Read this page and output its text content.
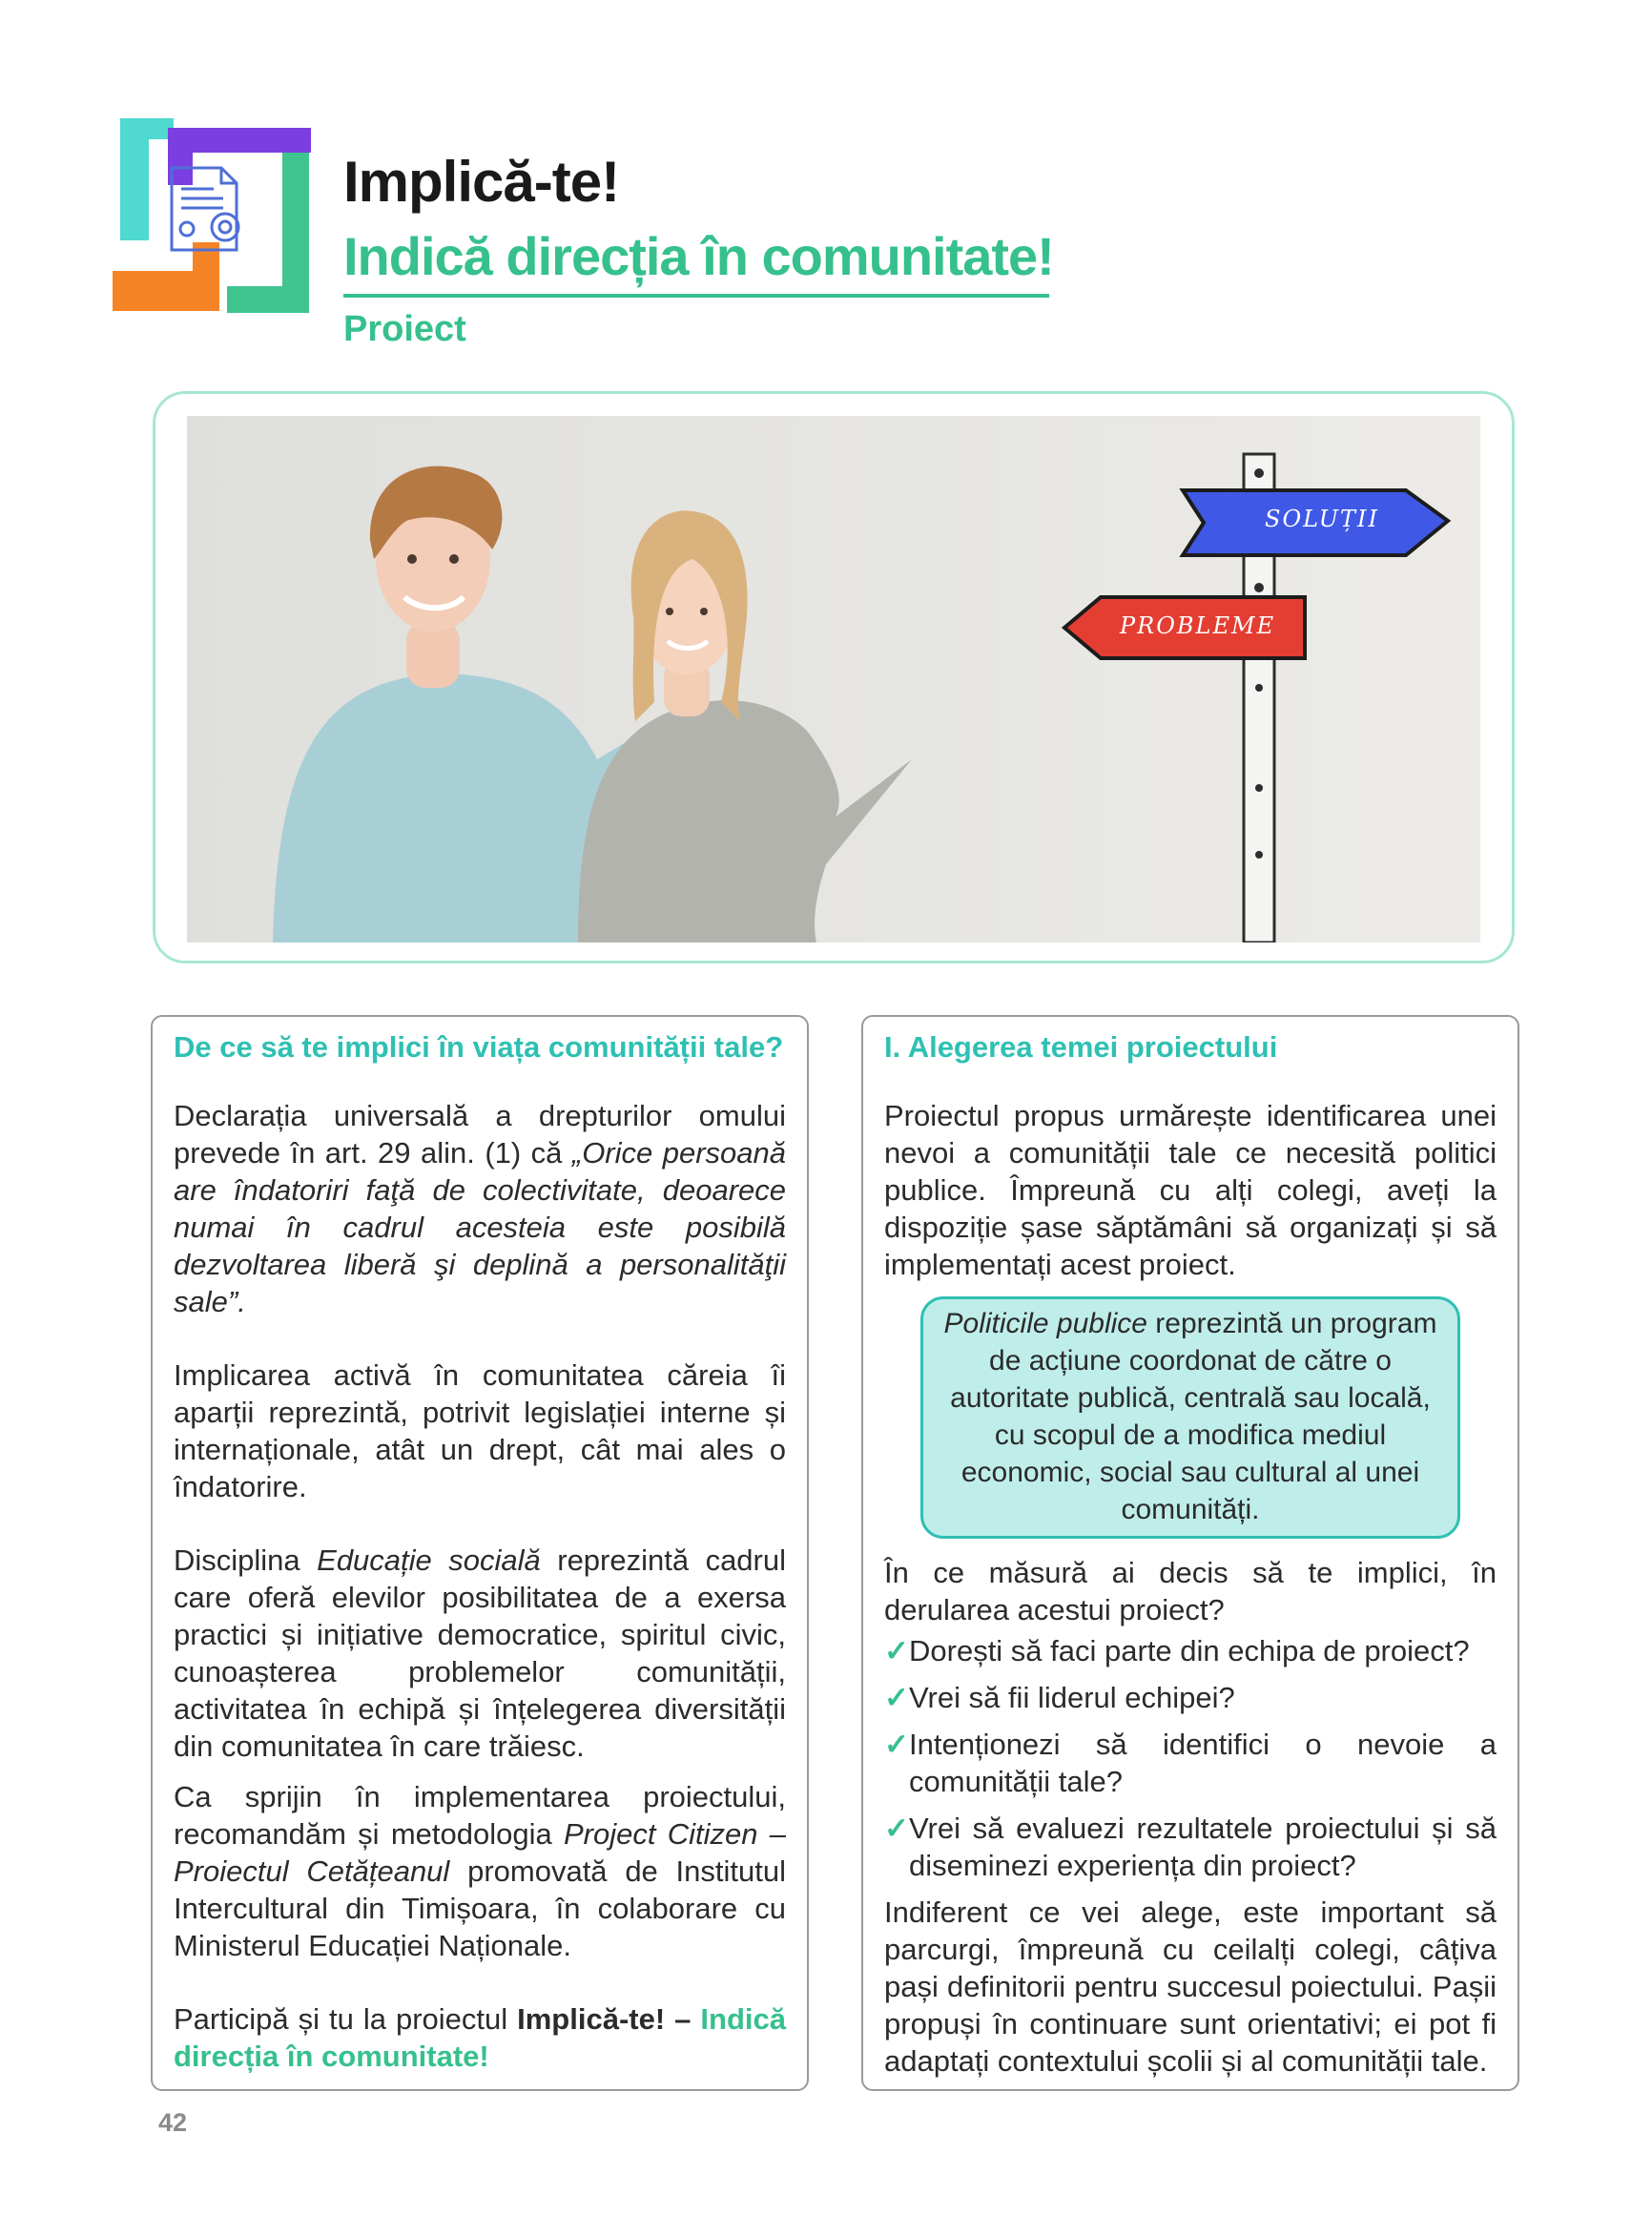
Implică-te!
Indică direcția în comunitate!
Proiect
SOLUȚII
PROBLEME
De ce să te implici în viața comunității tale?

Declarația universală a drepturilor omului prevede în art. 29 alin. (1) că „Orice persoană are îndatoriri faţă de colectivitate, deoarece numai în cadrul acesteia este posibilă dezvoltarea liberă şi deplină a personalităţii sale”.

Implicarea activă în comunitatea căreia îi aparții reprezintă, potrivit legislației interne și internaționale, atât un drept, cât mai ales o îndatorire.

Disciplina Educație socială reprezintă cadrul care oferă elevilor posibilitatea de a exersa practici și inițiative democratice, spiritul civic, cunoașterea problemelor comunității, activitatea în echipă și înțelegerea diversității din comunitatea în care trăiesc.

Ca sprijin în implementarea proiectului, recomandăm și metodologia Project Citizen – Proiectul Cetățeanul promovată de Institutul Intercultural din Timișoara, în colaborare cu Ministerul Educației Naționale.

Participă și tu la proiectul Implică-te! – Indică direcția în comunitate!

I. Alegerea temei proiectului

Proiectul propus urmărește identificarea unei nevoi a comunității tale ce necesită politici publice. Împreună cu alți colegi, aveți la dispoziție șase săptămâni să organizați și să implementați acest proiect.

Politicile publice reprezintă un program de acțiune coordonat de către o autoritate publică, centrală sau locală, cu scopul de a modifica mediul economic, social sau cultural al unei comunități.

În ce măsură ai decis să te implici, în derularea acestui proiect?

✓ Dorești să faci parte din echipa de proiect?
✓ Vrei să fii liderul echipei?
✓ Intenționezi să identifici o nevoie a comunității tale?
✓ Vrei să evaluezi rezultatele proiectului și să diseminezi experiența din proiect?

Indiferent ce vei alege, este important să parcurgi, împreună cu ceilalți colegi, câțiva pași definitorii pentru succesul poiectului. Pașii propuși în continuare sunt orientativi; ei pot fi adaptați contextului școlii și al comunității tale.

42
